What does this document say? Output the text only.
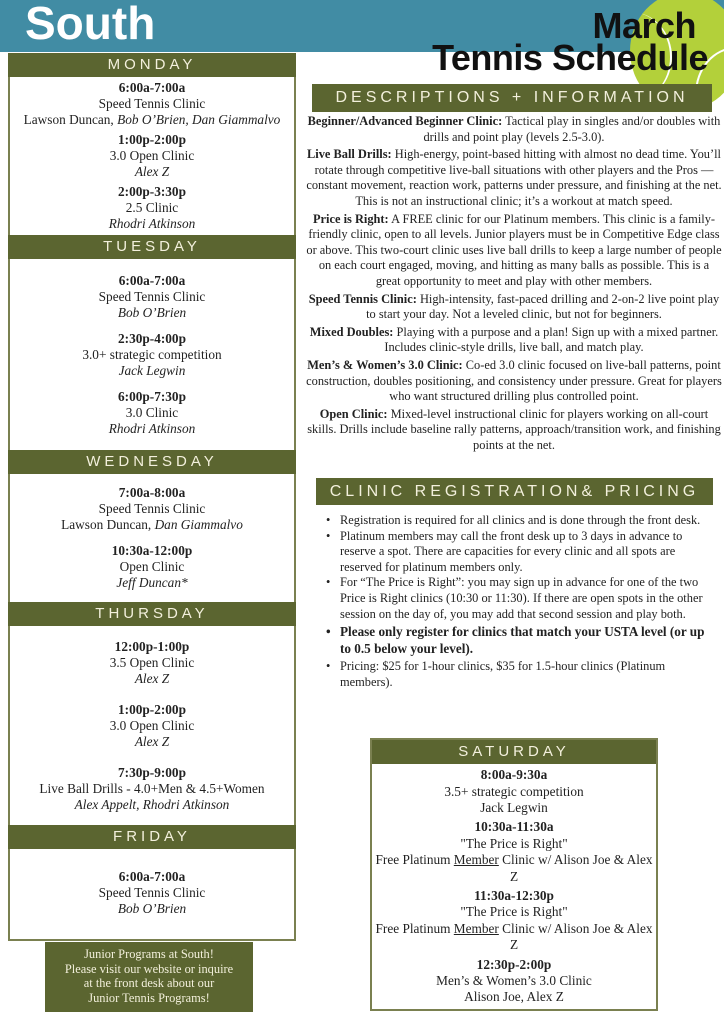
South	March
Tennis Schedule
MONDAY
6:00a-7:00a
Speed Tennis Clinic
Lawson Duncan, Bob O’Brien, Dan Giammalvo
1:00p-2:00p
3.0 Open Clinic
Alex Z
2:00p-3:30p
2.5 Clinic
Rhodri Atkinson
TUESDAY
6:00a-7:00a
Speed Tennis Clinic
Bob O’Brien
2:30p-4:00p
3.0+ strategic competition
Jack Legwin
6:00p-7:30p
3.0 Clinic
Rhodri Atkinson
WEDNESDAY
7:00a-8:00a
Speed Tennis Clinic
Lawson Duncan, Dan Giammalvo
10:30a-12:00p
Open Clinic
Jeff Duncan*
THURSDAY
12:00p-1:00p
3.5 Open Clinic
Alex Z
1:00p-2:00p
3.0 Open Clinic
Alex Z
7:30p-9:00p
Live Ball Drills - 4.0+Men & 4.5+Women
Alex Appelt, Rhodri Atkinson
FRIDAY
6:00a-7:00a
Speed Tennis Clinic
Bob O’Brien
Junior Programs at South!
Please visit our website or inquire
at the front desk about our
Junior Tennis Programs!
DESCRIPTIONS + INFORMATION

Beginner/Advanced Beginner Clinic: Tactical play in singles and/or doubles with drills and point play (levels 2.5-3.0).

Live Ball Drills: High-energy, point-based hitting with almost no dead time. You’ll rotate through competitive live-ball situations with other players and the Pros — constant movement, reaction work, patterns under pressure, and finishing at the net. This is not an instructional clinic; it’s a workout at match speed.

Price is Right: A FREE clinic for our Platinum members. This clinic is a family-friendly clinic, open to all levels. Junior players must be in Competitive Edge class or above. This two-court clinic uses live ball drills to keep a large number of people on each court engaged, moving, and hitting as many balls as possible. This is a great opportunity to meet and play with other members.

Speed Tennis Clinic: High-intensity, fast-paced drilling and 2-on-2 live point play to start your day. Not a leveled clinic, but not for beginners.

Mixed Doubles: Playing with a purpose and a plan! Sign up with a mixed partner. Includes clinic-style drills, live ball, and match play.

Men’s & Women’s 3.0 Clinic: Co-ed 3.0 clinic focused on live-ball patterns, point construction, doubles positioning, and consistency under pressure. Great for players who want structured drilling plus controlled point.

Open Clinic: Mixed-level instructional clinic for players working on all-court skills. Drills include baseline rally patterns, approach/transition work, and finishing points at the net.

CLINIC REGISTRATION& PRICING
• Registration is required for all clinics and is done through the front desk.
• Platinum members may call the front desk up to 3 days in advance to reserve a spot. There are capacities for every clinic and all spots are reserved for platinum members only.
• For “The Price is Right”: you may sign up in advance for one of the two Price is Right clinics (10:30 or 11:30). If there are open spots in the other session on the day of, you may add that second session and play both.
• Please only register for clinics that match your USTA level (or up to 0.5 below your level).
• Pricing: $25 for 1-hour clinics, $35 for 1.5-hour clinics (Platinum members).
SATURDAY
8:00a-9:30a
3.5+ strategic competition
Jack Legwin
10:30a-11:30a
"The Price is Right"
Free Platinum Member Clinic w/ Alison Joe & Alex Z
11:30a-12:30p
"The Price is Right"
Free Platinum Member Clinic w/ Alison Joe & Alex Z
12:30p-2:00p
Men’s & Women’s 3.0 Clinic
Alison Joe, Alex Z
